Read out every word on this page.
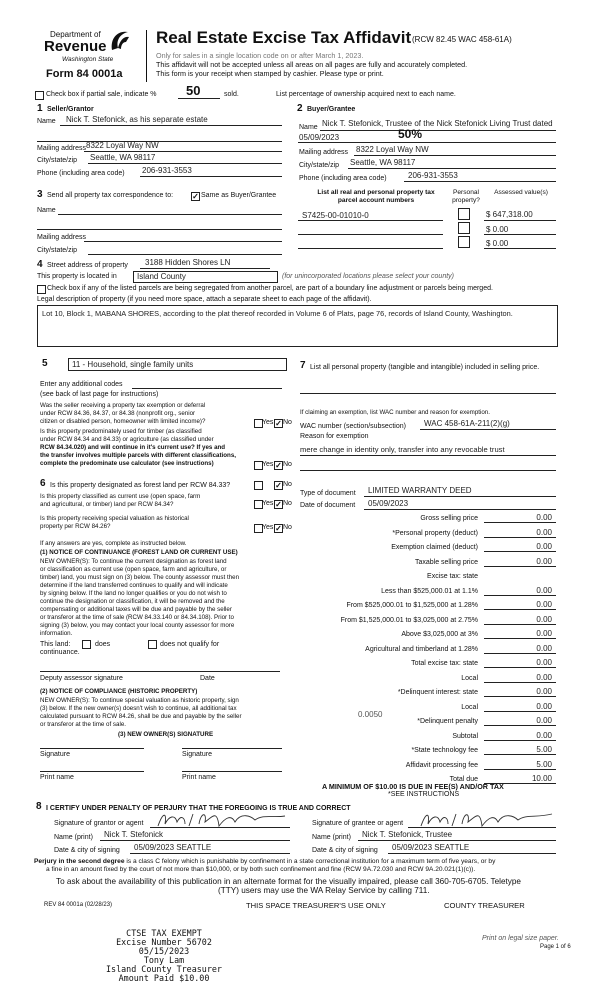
Department of
Revenue
Washington State
Form 84 0001a
Real Estate Excise Tax Affidavit (RCW 82.45 WAC 458-61A)
Only for sales in a single location code on or after March 1, 2023.
This affidavit will not be accepted unless all areas on all pages are fully and accurately completed.
This form is your receipt when stamped by cashier. Please type or print.
Check box if partial sale, indicate % 50	sold.	List percentage of ownership acquired next to each name.
1 Seller/Grantor
Name Nick T. Stefonick, as his separate estate
Mailing address 8322 Loyal Way NW
City/state/zip Seattle, WA 98117
Phone (including area code) 206-931-3553
2 Buyer/Grantee
Name Nick T. Stefonick, Trustee of the Nick Stefonick Living Trust dated
05/09/2023	50%
Mailing address 8322 Loyal Way NW
City/state/zip Seattle, WA 98117
Phone (including area code)	206-931-3553
3 Send all property tax correspondence to: ✓ Same as Buyer/Grantee
Name
Mailing address
City/state/zip
List all real and personal property tax parcel account numbers
Personal property?
Assessed value(s)
S7425-00-01010-0	$ 647,318.00
$ 0.00
$ 0.00
4 Street address of property 3188 Hidden Shores LN
This property is located in	Island County	(for unincorporated locations please select your county)
Check box if any of the listed parcels are being segregated from another parcel, are part of a boundary line adjustment or parcels being merged.
Legal description of property (if you need more space, attach a separate sheet to each page of the affidavit).
Lot 10, Block 1, MABANA SHORES, according to the plat thereof recorded in Volume 6 of Plats, page 76, records of Island County, Washington.
5	11 - Household, single family units
Enter any additional codes
(see back of last page for instructions)
Was the seller receiving a property tax exemption or deferral
under RCW 84.36, 84.37, or 84.38 (nonprofit org., senior
citizen or disabled person, homeowner with limited income)?	Yes ✓ No
Is this property predominately used for timber (as classified
under RCW 84.34 and 84.33) or agriculture (as classified under
RCW 84.34.020) and will continue in it's current use? If yes and
the transfer involves multiple parcels with different classifications,
complete the predominate use calculator (see instructions)	Yes ✓ No
6 Is this property designated as forest land per RCW 84.33?	✓ No
Is this property classified as current use (open space, farm
and agricultural, or timber) land per RCW 84.34?	Yes ✓ No
Is this property receiving special valuation as historical
property per RCW 84.26?	Yes ✓ No
If any answers are yes, complete as instructed below.
(1) NOTICE OF CONTINUANCE (FOREST LAND OR CURRENT USE)
NEW OWNER(S): To continue the current designation as forest land
or classification as current use (open space, farm and agriculture, or
timber) land, you must sign on (3) below. The county assessor must then
determine if the land transferred continues to qualify and will indicate
by signing below. If the land no longer qualifies or you do not wish to
continue the designation or classification, it will be removed and the
compensating or additional taxes will be due and payable by the seller
or transferor at the time of sale (RCW 84.33.140 or 84.34.108). Prior to
signing (3) below, you may contact your local county assessor for more
information.
This land:	does	does not qualify for
continuance.
Deputy assessor signature	Date
(2) NOTICE OF COMPLIANCE (HISTORIC PROPERTY)
NEW OWNER(S): To continue special valuation as historic property, sign
(3) below. If the new owner(s) doesn't wish to continue, all additional tax
calculated pursuant to RCW 84.26, shall be due and payable by the seller
or transferor at the time of sale.
(3) NEW OWNER(S) SIGNATURE
Signature	Signature
Print name	Print name
7 List all personal property (tangible and intangible) included in selling price.
If claiming an exemption, list WAC number and reason for exemption.
WAC number (section/subsection) WAC 458-61A-211(2)(g)
Reason for exemption
mere change in identity only, transfer into any revocable trust
Type of document LIMITED WARRANTY DEED
Date of document 05/09/2023
Gross selling price	0.00
*Personal property (deduct)	0.00
Exemption claimed (deduct)	0.00
Taxable selling price	0.00
Excise tax: state
Less than $525,000.01 at 1.1%	0.00
From $525,000.01 to $1,525,000 at 1.28%	0.00
From $1,525,000.01 to $3,025,000 at 2.75%	0.00
Above $3,025,000 at 3%	0.00
Agricultural and timberland at 1.28%	0.00
Total excise tax: state	0.00
Local	0.00
*Delinquent interest: state	0.00
Local	0.00
*Delinquent penalty	0.00
Subtotal	0.00
*State technology fee	5.00
Affidavit processing fee	5.00
Total due	10.00
0.0050
A MINIMUM OF $10.00 IS DUE IN FEE(S) AND/OR TAX
*SEE INSTRUCTIONS
8 I CERTIFY UNDER PENALTY OF PERJURY THAT THE FOREGOING IS TRUE AND CORRECT
Signature of grantor or agent
Name (print) Nick T. Stefonick
Date & city of signing 05/09/2023 SEATTLE
Signature of grantee or agent
Name (print) Nick T. Stefonick, Trustee
Date & city of signing 05/09/2023 SEATTLE
Perjury in the second degree is a class C felony which is punishable by confinement in a state correctional institution for a maximum term of five years, or by
a fine in an amount fixed by the court of not more than $10,000, or by both such confinement and fine (RCW 9A.72.030 and RCW 9A.20.021(1)(c)).
To ask about the availability of this publication in an alternate format for the visually impaired, please call 360-705-6705. Teletype
(TTY) users may use the WA Relay Service by calling 711.
REV 84 0001a (02/28/23)	THIS SPACE TREASURER'S USE ONLY	COUNTY TREASURER
CTSE TAX EXEMPT
Excise Number 56702
05/15/2023
Tony Lam
Island County Treasurer
Amount Paid $10.00
Print on legal size paper.
Page 1 of 6
